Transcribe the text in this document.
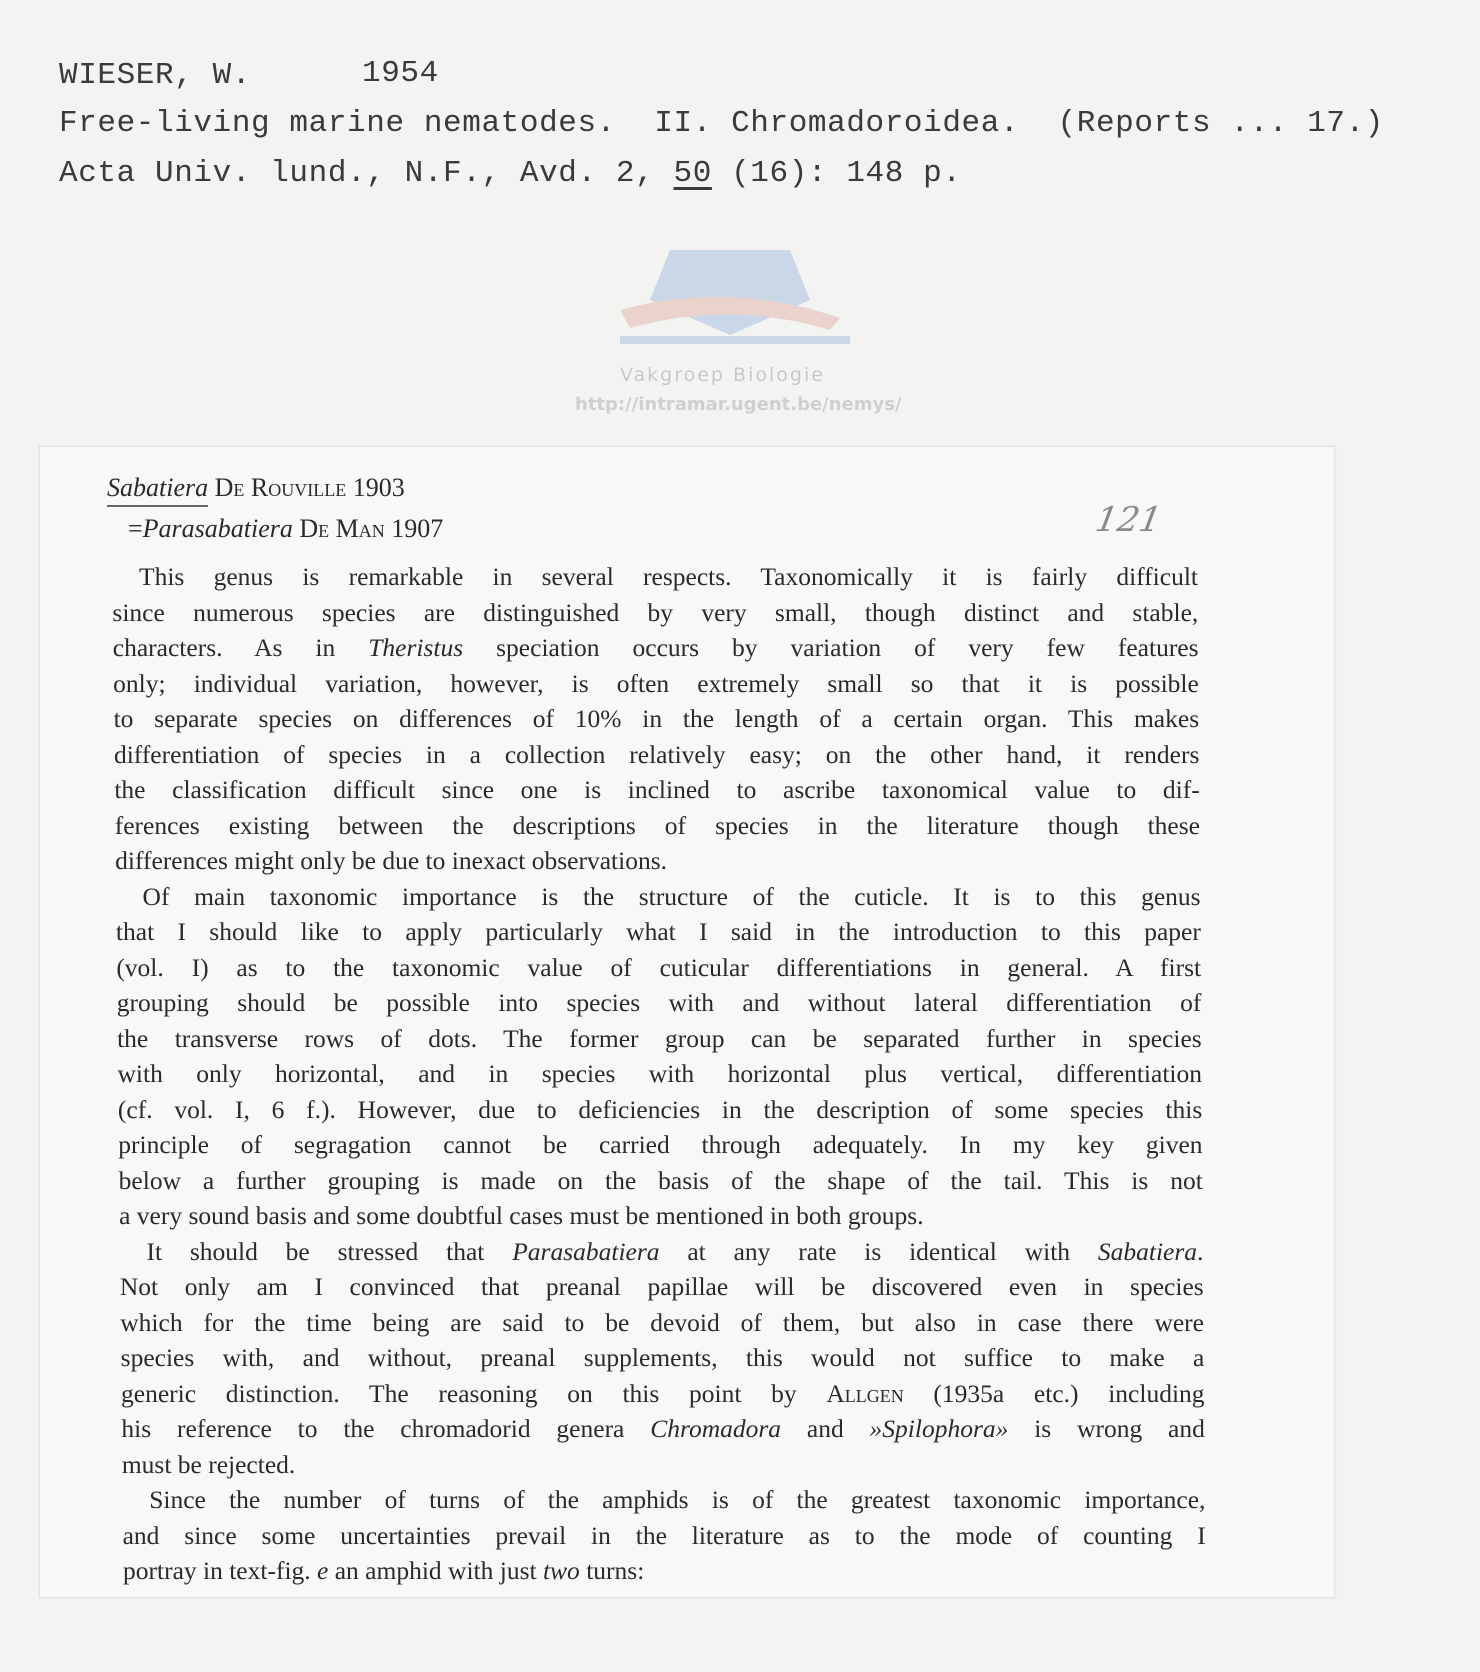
WIESER, W.	1954
Free-living marine nematodes.  II. Chromadoroidea.  (Reports ... 17.)
Acta Univ. lund., N.F., Avd. 2, 50 (16): 148 p.
Sabatiera De Rouville 1903
=Parasabatiera De Man 1907	121
Vakgroep Biologie
http://intramar.ugent.be/nemys/
This genus is remarkable in several respects. Taxonomically it is fairly difficult
since numerous species are distinguished by very small, though distinct and stable,
characters. As in Theristus speciation occurs by variation of very few features
only; individual variation, however, is often extremely small so that it is possible
to separate species on differences of 10% in the length of a certain organ. This makes
differentiation of species in a collection relatively easy; on the other hand, it renders
the classification difficult since one is inclined to ascribe taxonomical value to dif-
ferences existing between the descriptions of species in the literature though these
differences might only be due to inexact observations.
Of main taxonomic importance is the structure of the cuticle. It is to this genus
that I should like to apply particularly what I said in the introduction to this paper
(vol. I) as to the taxonomic value of cuticular differentiations in general. A first
grouping should be possible into species with and without lateral differentiation of
the transverse rows of dots. The former group can be separated further in species
with only horizontal, and in species with horizontal plus vertical, differentiation
(cf. vol. I, 6 f.). However, due to deficiencies in the description of some species this
principle of segragation cannot be carried through adequately. In my key given
below a further grouping is made on the basis of the shape of the tail. This is not
a very sound basis and some doubtful cases must be mentioned in both groups.
It should be stressed that Parasabatiera at any rate is identical with Sabatiera.
Not only am I convinced that preanal papillae will be discovered even in species
which for the time being are said to be devoid of them, but also in case there were
species with, and without, preanal supplements, this would not suffice to make a
generic distinction. The reasoning on this point by Allgen (1935a etc.) including
his reference to the chromadorid genera Chromadora and »Spilophora» is wrong and
must be rejected.
Since the number of turns of the amphids is of the greatest taxonomic importance,
and since some uncertainties prevail in the literature as to the mode of counting I
portray in text-fig. e an amphid with just two turns:
